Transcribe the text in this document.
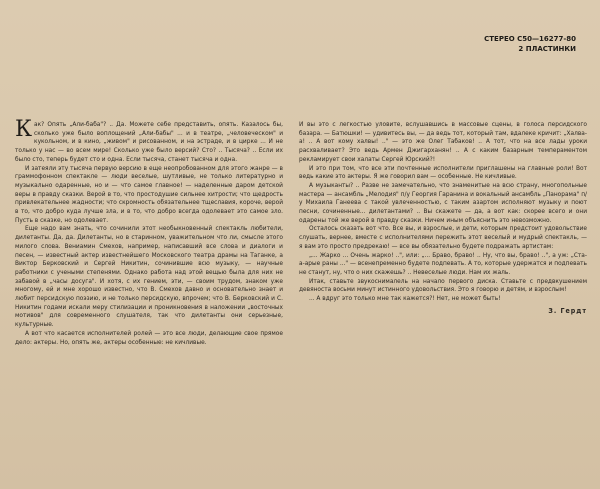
СТЕРЕО С50—16277-80
2 ПЛАСТИНКИ

Как? Опять „Али-баба"? .. Да. Можете себе представить, опять. Казалось бы, сколько уже было воплощений „Али-бабы" ... и в театре, „человеческом" и кукольном, и в кино, „живом" и рисованном, и на эстраде, и в цирке ... И не только у нас — во всем мире! Сколько уже было версий? Сто? .. Тысяча? .. Если их было сто, теперь будет сто и одна. Если тысяча, станет тысяча и одна.

И затеяли эту тысяча первую версию в еще неопробованном для этого жанре — в граммофонном спектакле — люди веселые, шутливые, не только литературно и музыкально одаренные, но и — что самое главное! — наделенные даром детской веры в правду сказки. Верой в то, что простодушие сильнее хитрости; что щедрость привлекательнее жадности; что скромность обязательнее тщеславия, короче, верой в то, что добро куда лучше зла, и в то, что добро всегда одолевает это самое зло. Пусть в сказке, но одолевает.

Еще надо вам знать, что сочинили этот необыкновенный спектакль любители, дилетанты. Да, да. Дилетанты, но в старинном, уважительном что ли, смысле этого милого слова. Вениамин Смехов, например, написавший все слова и диалоги и песен, — известный актер известнейшего Московского театра драмы на Таганке, а Виктор Берковский и Сергей Никитин, сочинившие всю музыку, — научные работники с учеными степенями. Однако работа над этой вещью была для них не забавой в „часы досуга". И хотя, с их гением, эти, — своим трудом, знаком уже многому, ей и мне хорошо известно, что В. Смехов давно и основательно знает и любит персидскую поэзию, и не только персидскую, впрочем; что В. Берковский и С. Никитин годами искали меру стилизации и проникновения в наложении „восточных мотивов" для современного слушателя, так что дилетанты они серьезные, культурные.

А вот что касается исполнителей ролей — это все люди, делающие свое прямое дело: актеры. Но, опять же, актеры особенные: не кичливые.

И вы это с легкостью уловите, вслушавшись в массовые сцены, в голоса персидского базара. — Батюшки! — удивитесь вы, — да ведь тот, который там, вдалеке кричит: „Халва-а! .. А вот кому халвы! .." — это же Олег Табаков! .. А тот, что на все лады уроки расхваливает? Это ведь Армен Джигарханян! .. А с каким базарным темпераментом рекламирует свои халаты Сергей Юрский?!

И это при том, что все эти почтенные исполнители приглашены на главные роли! Вот ведь какие это актеры. Я же говорил вам — особенные. Не кичливые.

А музыканты? .. Разве не замечательно, что знаменитые на всю страну, многопольные мастера — ансамбль „Мелодия" п/у Георгия Гаранина и вокальный ансамбль „Панорама" п/у Михаила Ганеева с такой увлеченностью, с таким азартом исполняют музыку и поют песни, сочиненные... дилетантами? .. Вы скажете — да, а вот как: скорее всего и они одарены той же верой в правду сказки. Ничем иным объяснить это невозможно.

Осталось сказать вот что. Все вы, и взрослые, и дети, которым предстоит удовольствие слушать, вернее, вместе с исполнителями пережить этот веселый и мудрый спектакль, — я вам это просто предрекаю! — все вы обязательно будете подражать артистам:

„... Жарко ... Очень жарко! ..", или: „... Браво, браво! .. Ну, что вы, браво! ..", а уж: „Ста-а-арые раны ..." — всенепременно будете подпевать. А то, которые удержатся и подпевать не станут, ну, что о них скажешь? .. Невеселые люди. Нам их жаль.

Итак, ставьте звукоснималель на начало первого диска. Ставьте с предвкушением девяноста восьми минут истинного удовольствия. Это я говорю и детям, и взрослым!

... А вдруг это только мне так кажется?! Нет, не может быть!

З. Гердт
